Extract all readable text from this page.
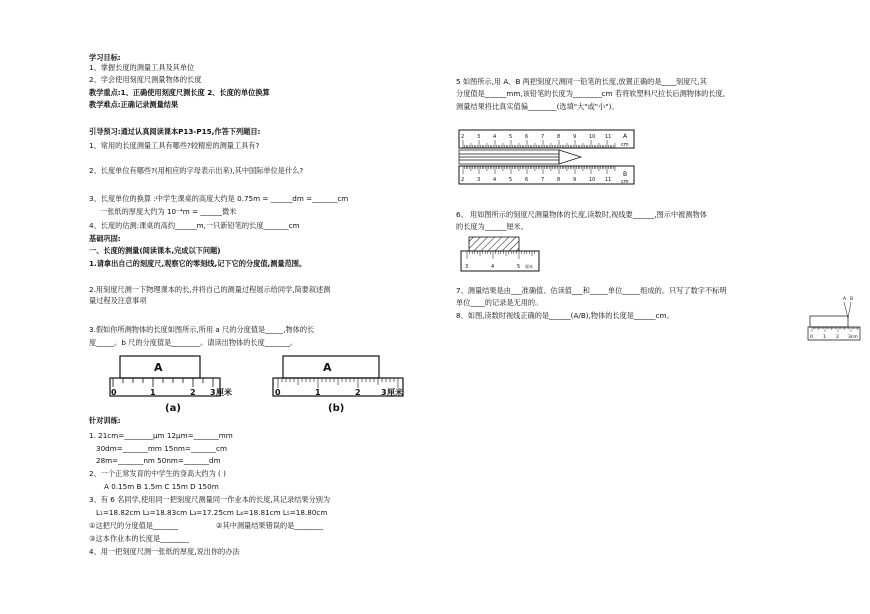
学习目标:
1、掌握长度的测量工具及其单位
2、学会使用刻度尺测量物体的长度
教学重点:1、正确使用刻度尺测长度 2、长度的单位换算
教学难点:正确记录测量结果
引导预习:通过认真阅读课本P13-P15,作答下列题目:
1、常用的长度测量工具有哪些?较精密的测量工具有?
2、长度单位有哪些?(用相应的字母表示出来),其中国际单位是什么?
3、长度单位的换算 :中学生课桌的高度大约是 0.75m = ______dm =_______cm
一张纸的厚度大约为 10⁻⁴m = ______微米
4、长度的估测:课桌的高约______m,一只新铅笔的长度_______cm
基础巩固:
一、长度的测量(阅读课本,完成以下问题)
1.请拿出自己的刻度尺,观察它的零刻线,记下它的分度值,测量范围。
2.用刻度尺测一下物理课本的长,并将自己的测量过程展示给同学,简要叙述测
量过程及注意事项
3.假如你所测物体的长度如图所示,所用 a 尺的分度值是_____,物体的长
度_____。b 尺的分度值是________。请读出物体的长度_______。
A
0	1	2 3 厘米
(a)
A
0	1	2	3 厘米
(b)
针对训练:
1. 21cm=________μm 12μm=_______mm
30dm=_______mm 15nm=_______cm
28m=_______nm 50nm=_______dm
2、一个正常发育的中学生的身高大约为 ( )
A 0.15m B 1.5m C 15m D 150m
3、有 6 名同学,使用同一把刻度尺测量同一作业本的长度,其记录结果分别为
L₁=18.82cm L₂=18.83cm L₃=17.25cm L₄=18.81cm L₅=18.80cm
①这把尺的分度值是_______	②其中测量结果错误的是________
③这本作业本的长度是________
4、用一把刻度尺测一张纸的厚度,说出你的办法
5 如图所示,用 A、B 两把刻度尺测同一铅笔的长度,放置正确的是____刻度尺,其
分度值是______mm,该铅笔的长度为________cm 若将软塑料尺拉长后测物体的长度,
测量结果将比真实值偏________(选填"大"或"小")。
A
cm
B
cm
2	3	4	5	6	7	8	9	10 11
2	3	4	5	6	7	8	9	10 11
6、 用如图所示的刻度尺测量物体的长度,读数时,视线要______,图示中被测物体
的长度为______厘米。
3	4	5 厘米
7、测量结果是由___准确值、估读值___和_____单位_____组成的。只写了数字不标明
单位____的记录是无用的。
8、如图,读数时视线正确的是______(A/B),物体的长度是______cm。
A B
0 1 2 3cm
